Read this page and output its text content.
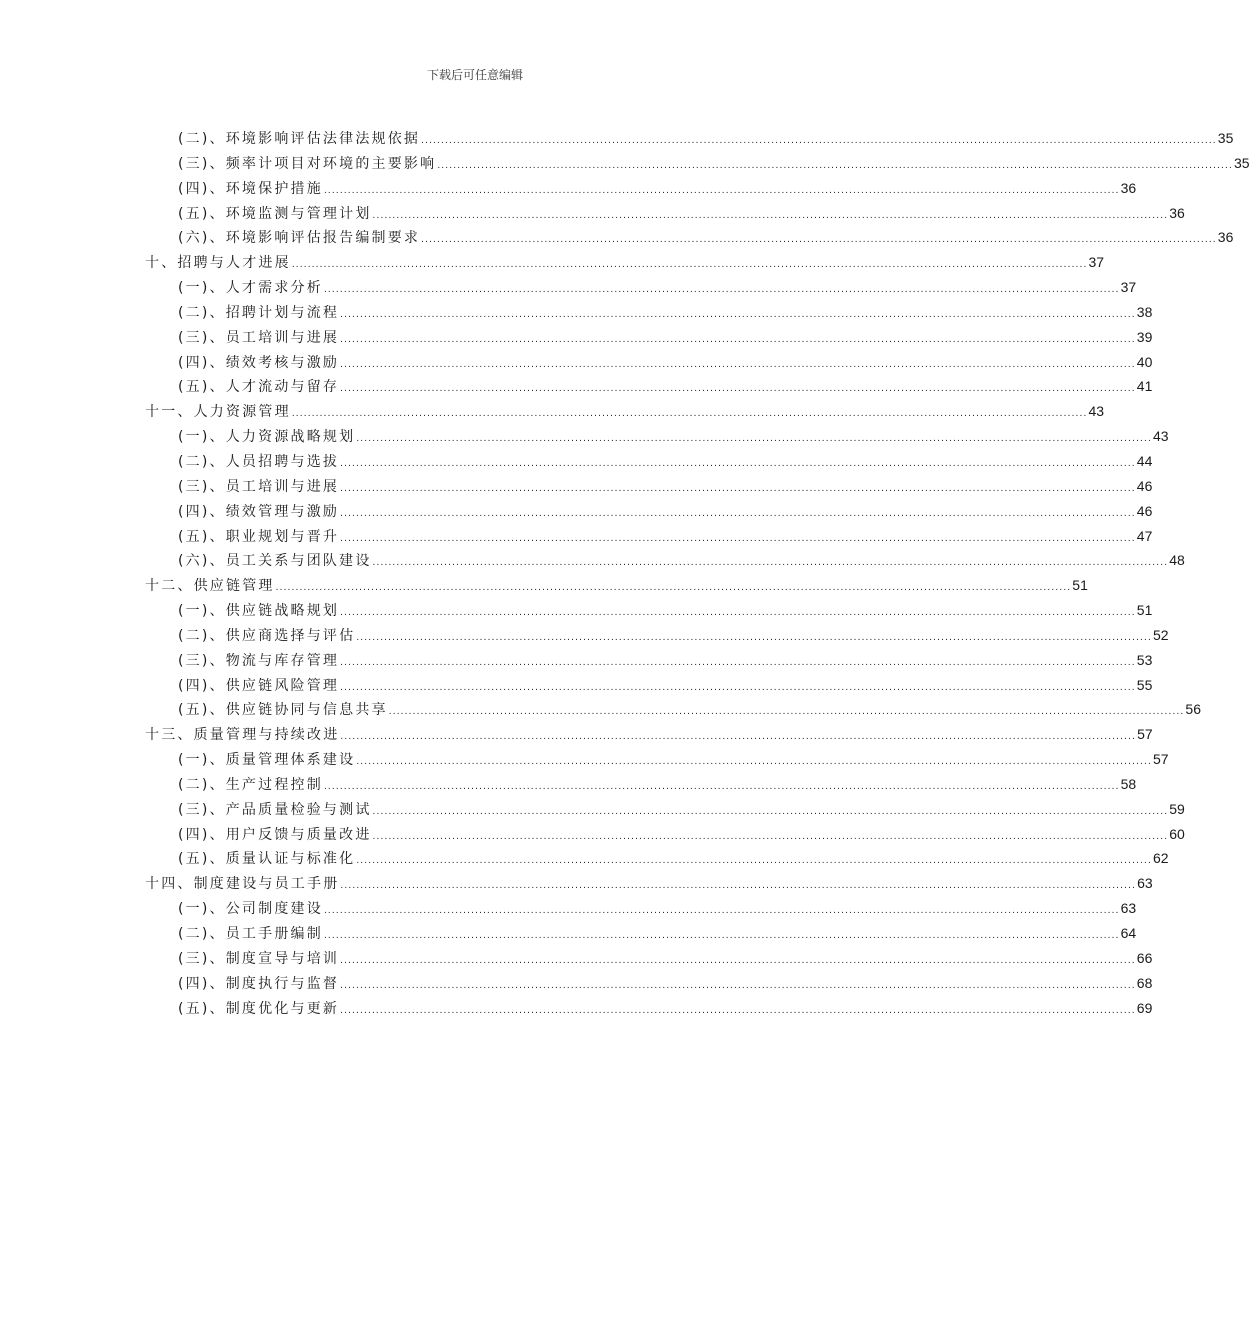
下载后可任意编辑
(二)、环境影响评估法律法规依据 ........................................................................................................................................................................................................ 35
(三)、频率计项目对环境的主要影响 ........................................................................................................................................................................................................ 35
(四)、环境保护措施 ........................................................................................................................................................................................................ 36
(五)、环境监测与管理计划 ........................................................................................................................................................................................................ 36
(六)、环境影响评估报告编制要求 ........................................................................................................................................................................................................ 36
十、招聘与人才进展 ........................................................................................................................................................................................................ 37
(一)、人才需求分析 ........................................................................................................................................................................................................ 37
(二)、招聘计划与流程 ........................................................................................................................................................................................................ 38
(三)、员工培训与进展 ........................................................................................................................................................................................................ 39
(四)、绩效考核与激励 ........................................................................................................................................................................................................ 40
(五)、人才流动与留存 ........................................................................................................................................................................................................ 41
十一、人力资源管理 ........................................................................................................................................................................................................ 43
(一)、人力资源战略规划 ........................................................................................................................................................................................................ 43
(二)、人员招聘与选拔 ........................................................................................................................................................................................................ 44
(三)、员工培训与进展 ........................................................................................................................................................................................................ 46
(四)、绩效管理与激励 ........................................................................................................................................................................................................ 46
(五)、职业规划与晋升 ........................................................................................................................................................................................................ 47
(六)、员工关系与团队建设 ........................................................................................................................................................................................................ 48
十二、供应链管理 ........................................................................................................................................................................................................ 51
(一)、供应链战略规划 ........................................................................................................................................................................................................ 51
(二)、供应商选择与评估 ........................................................................................................................................................................................................ 52
(三)、物流与库存管理 ........................................................................................................................................................................................................ 53
(四)、供应链风险管理 ........................................................................................................................................................................................................ 55
(五)、供应链协同与信息共享 ........................................................................................................................................................................................................ 56
十三、质量管理与持续改进 ........................................................................................................................................................................................................ 57
(一)、质量管理体系建设 ........................................................................................................................................................................................................ 57
(二)、生产过程控制 ........................................................................................................................................................................................................ 58
(三)、产品质量检验与测试 ........................................................................................................................................................................................................ 59
(四)、用户反馈与质量改进 ........................................................................................................................................................................................................ 60
(五)、质量认证与标准化 ........................................................................................................................................................................................................ 62
十四、制度建设与员工手册 ........................................................................................................................................................................................................ 63
(一)、公司制度建设 ........................................................................................................................................................................................................ 63
(二)、员工手册编制 ........................................................................................................................................................................................................ 64
(三)、制度宣导与培训 ........................................................................................................................................................................................................ 66
(四)、制度执行与监督 ........................................................................................................................................................................................................ 68
(五)、制度优化与更新 ........................................................................................................................................................................................................ 69
